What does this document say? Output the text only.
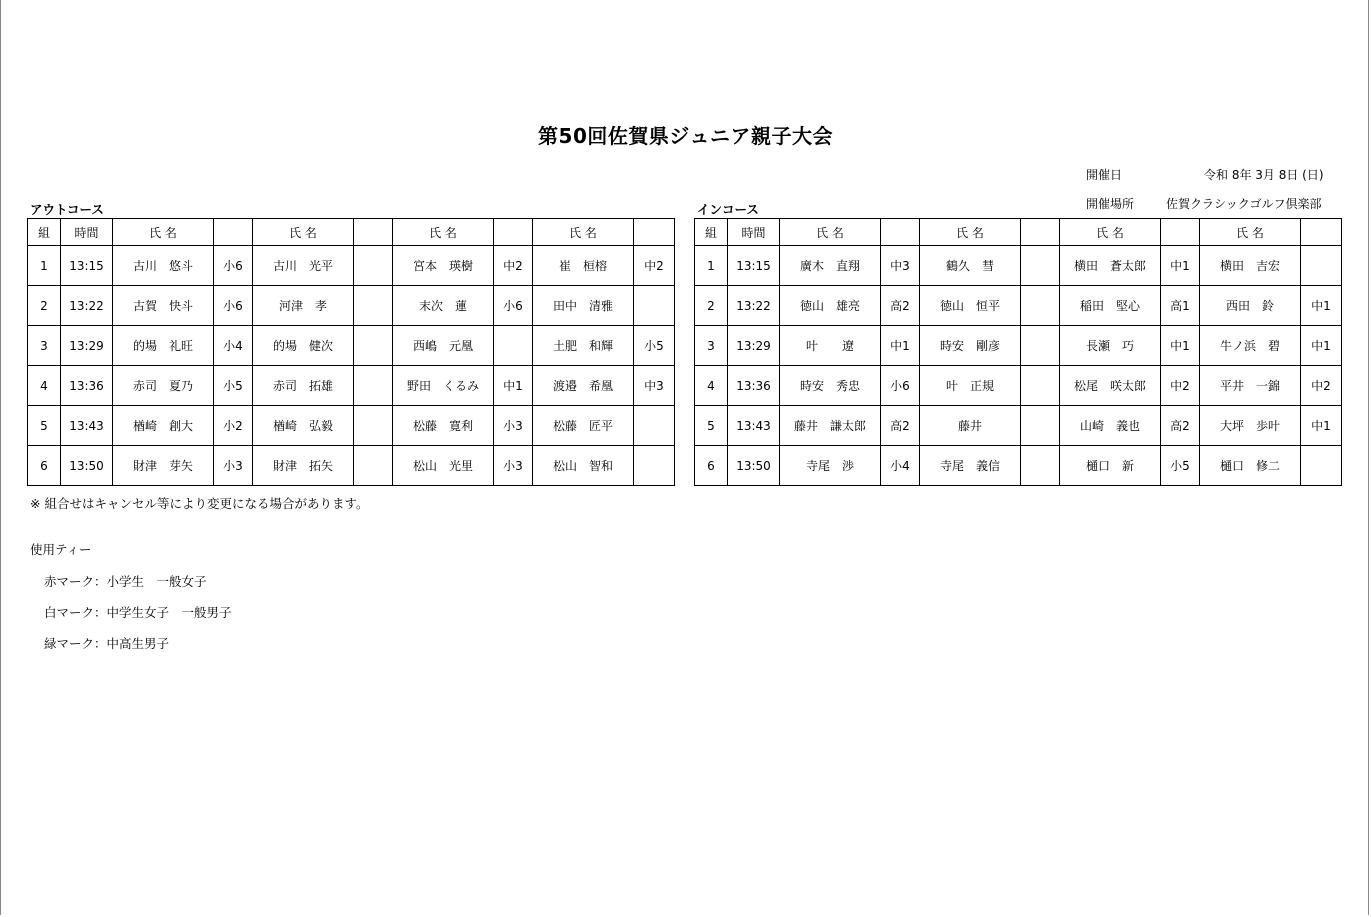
第50回佐賀県ジュニア親子大会
開催日	令和 8年 3月 8日 (日)
開催場所	佐賀クラシックゴルフ倶楽部
アウトコース
組	時間	氏 名		氏 名		氏 名		氏 名	
1	13:15	古川　悠斗	小6	古川　光平		宮本　瑛樹	中2	崔　桓榕	中2
2	13:22	古賀　快斗	小6	河津　孝		末次　蓮	小6	田中　清雅	
3	13:29	的場　礼旺	小4	的場　健次		西嶋　元凰		土肥　和輝	小5
4	13:36	赤司　夏乃	小5	赤司　拓雄		野田　くるみ	中1	渡邉　希凰	中3
5	13:43	楢崎　創大	小2	楢崎　弘毅		松藤　寛利	小3	松藤　匠平	
6	13:50	財津　芽矢	小3	財津　拓矢		松山　光里	小3	松山　智和	
インコース
組	時間	氏 名		氏 名		氏 名		氏 名	
1	13:15	廣木　直翔	中3	鶴久　彗		横田　蒼太郎	中1	横田　吉宏	
2	13:22	徳山　雄亮	高2	徳山　恒平		稲田　堅心	高1	西田　鈴	中1
3	13:29	叶　　遼	中1	時安　剛彦		長瀬　巧	中1	牛ノ浜　碧	中1
4	13:36	時安　秀忠	小6	叶　正規		松尾　咲太郎	中2	平井　一錦	中2
5	13:43	藤井　謙太郎	高2	藤井		山崎　義也	高2	大坪　歩叶	中1
6	13:50	寺尾　渉	小4	寺尾　義信		樋口　新	小5	樋口　修二	
※ 組合せはキャンセル等により変更になる場合があります。
使用ティー
赤マーク：小学生　一般女子
白マーク：中学生女子　一般男子
緑マーク：中高生男子
